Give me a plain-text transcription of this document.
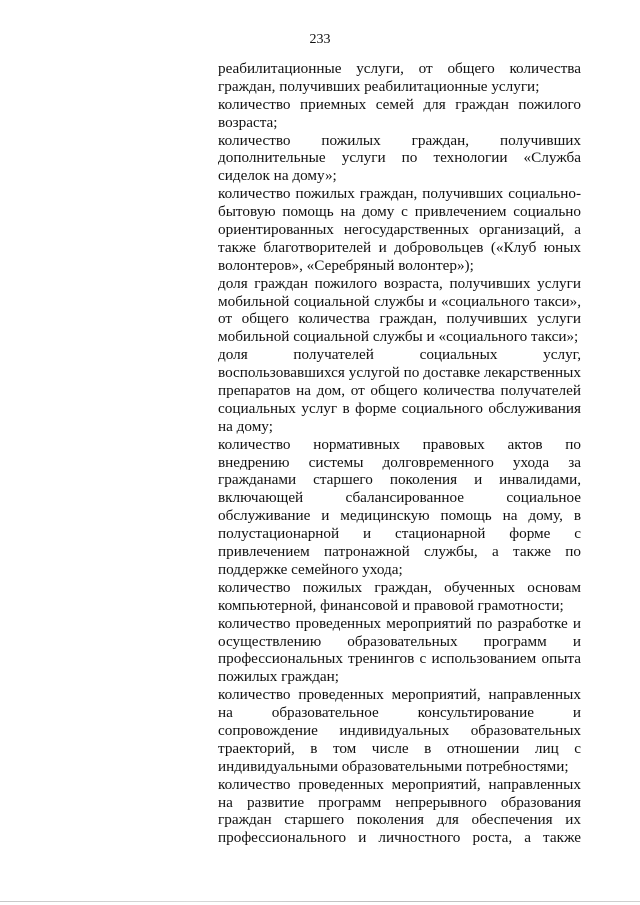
233
реабилитационные услуги, от общего количества
граждан, получивших реабилитационные услуги;
количество приемных семей для граждан пожилого
возраста;
количество пожилых граждан, получивших
дополнительные услуги по технологии «Служба
сиделок на дому»;
количество пожилых граждан, получивших социально-
бытовую помощь на дому с привлечением социально
ориентированных негосударственных организаций, а
также благотворителей и добровольцев («Клуб юных
волонтеров», «Серебряный волонтер»);
доля граждан пожилого возраста, получивших услуги
мобильной социальной службы и «социального такси»,
от общего количества граждан, получивших услуги
мобильной социальной службы и «социального такси»;
доля получателей социальных услуг,
воспользовавшихся услугой по доставке лекарственных
препаратов на дом, от общего количества получателей
социальных услуг в форме социального обслуживания
на дому;
количество нормативных правовых актов по
внедрению системы долговременного ухода за
гражданами старшего поколения и инвалидами,
включающей сбалансированное социальное
обслуживание и медицинскую помощь на дому, в
полустационарной и стационарной форме с
привлечением патронажной службы, а также по
поддержке семейного ухода;
количество пожилых граждан, обученных основам
компьютерной, финансовой и правовой грамотности;
количество проведенных мероприятий по разработке и
осуществлению образовательных программ и
профессиональных тренингов с использованием опыта
пожилых граждан;
количество проведенных мероприятий, направленных
на образовательное консультирование и
сопровождение индивидуальных образовательных
траекторий, в том числе в отношении лиц с
индивидуальными образовательными потребностями;
количество проведенных мероприятий, направленных
на развитие программ непрерывного образования
граждан старшего поколения для обеспечения их
профессионального и личностного роста, а также
